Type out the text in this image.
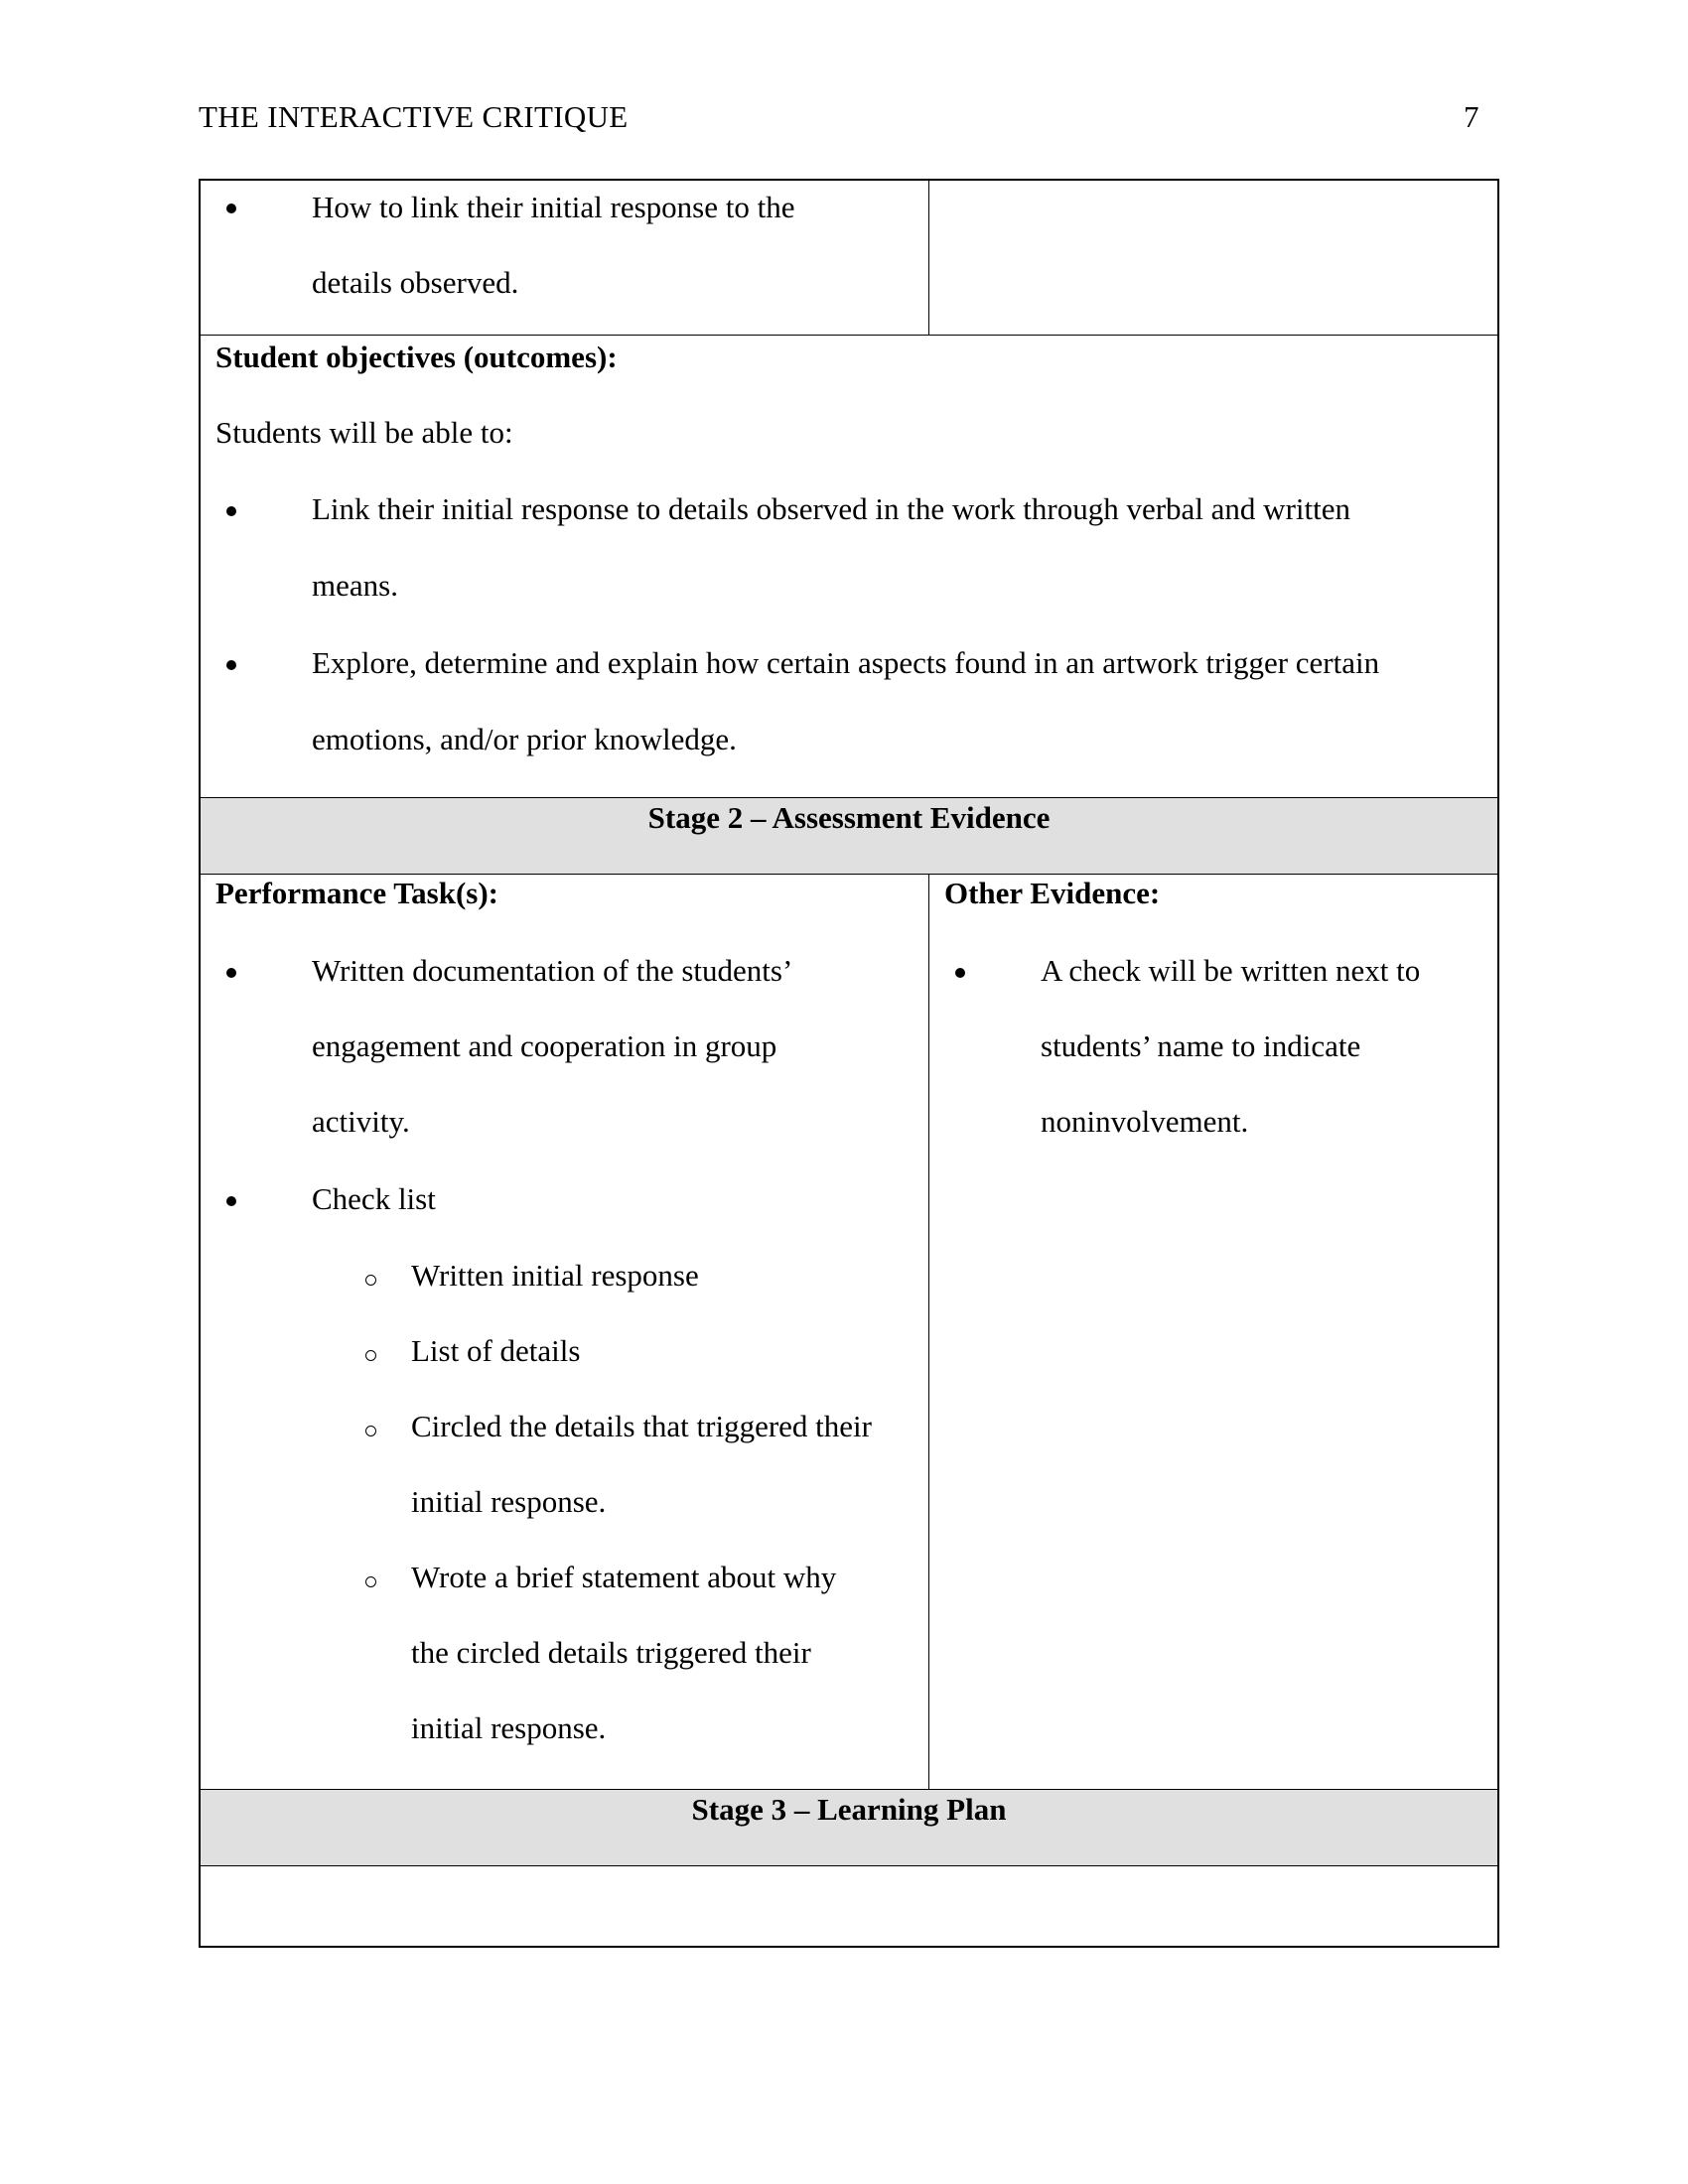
THE INTERACTIVE CRITIQUE	7
How to link their initial response to the
details observed.
Student objectives (outcomes):
Students will be able to:
Link their initial response to details observed in the work through verbal and written
means.
Explore, determine and explain how certain aspects found in an artwork trigger certain
emotions, and/or prior knowledge.
Stage 2 – Assessment Evidence
Performance Task(s):
Written documentation of the students’
engagement and cooperation in group
activity.
Check list
Written initial response
List of details
Circled the details that triggered their
initial response.
Wrote a brief statement about why
the circled details triggered their
initial response.
Other Evidence:
A check will be written next to
students’ name to indicate
noninvolvement.
Stage 3 – Learning Plan
